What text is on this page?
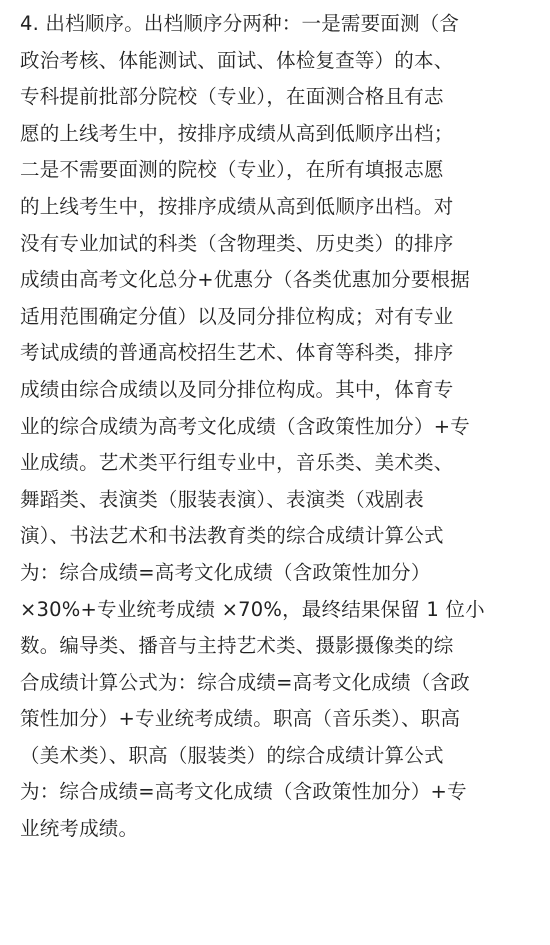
4. 出档顺序。出档顺序分两种：一是需要面测（含
政治考核、体能测试、面试、体检复查等）的本、
专科提前批部分院校（专业），在面测合格且有志
愿的上线考生中，按排序成绩从高到低顺序出档；
二是不需要面测的院校（专业），在所有填报志愿
的上线考生中，按排序成绩从高到低顺序出档。对
没有专业加试的科类（含物理类、历史类）的排序
成绩由高考文化总分+优惠分（各类优惠加分要根据
适用范围确定分值）以及同分排位构成；对有专业
考试成绩的普通高校招生艺术、体育等科类，排序
成绩由综合成绩以及同分排位构成。其中，体育专
业的综合成绩为高考文化成绩（含政策性加分）+专
业成绩。艺术类平行组专业中，音乐类、美术类、
舞蹈类、表演类（服装表演）、表演类（戏剧表
演）、书法艺术和书法教育类的综合成绩计算公式
为：综合成绩=高考文化成绩（含政策性加分）
×30%+专业统考成绩 ×70%，最终结果保留 1 位小
数。编导类、播音与主持艺术类、摄影摄像类的综
合成绩计算公式为：综合成绩=高考文化成绩（含政
策性加分）+专业统考成绩。职高（音乐类）、职高
（美术类）、职高（服装类）的综合成绩计算公式
为：综合成绩=高考文化成绩（含政策性加分）+专
业统考成绩。
